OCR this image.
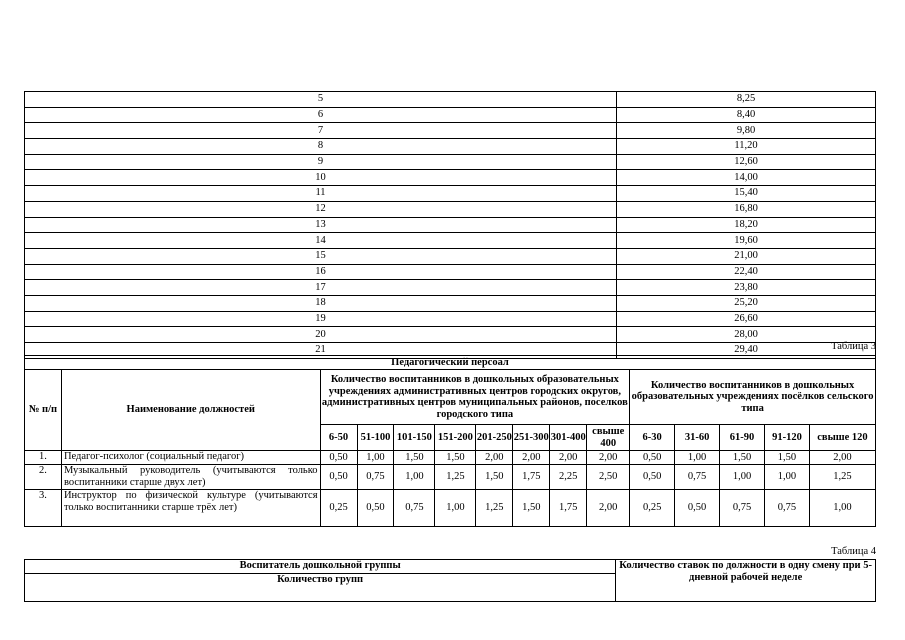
5	8,25
6	8,40
7	9,80
8	11,20
9	12,60
10	14,00
11	15,40
12	16,80
13	18,20
14	19,60
15	21,00
16	22,40
17	23,80
18	25,20
19	26,60
20	28,00
21	29,40	Таблица 3
Педагогический персоал														
№ п/п	Наименование должностей	Количество воспитанников в дошкольных образовательных учреждениях административных центров городских округов, административных центров муниципальных районов, поселков городского типа								Количество воспитанников в дошкольных образовательных учреждениях посёлков сельского типа				
		6-50	51-100	101-150	151-200	201-250	251-300	301-400	свыше 400	6-30	31-60	61-90	91-120	свыше 120
1.	Педагог-психолог (социальный педагог)	0,50	1,00	1,50	1,50	2,00	2,00	2,00	2,00	0,50	1,00	1,50	1,50	2,00
2.	Музыкальный руководитель (учитываются только воспитанники старше двух лет)	0,50	0,75	1,00	1,25	1,50	1,75	2,25	2,50	0,50	0,75	1,00	1,00	1,25
3.	Инструктор по физической культуре (учитываются только воспитанники старше трёх лет)	0,25	0,50	0,75	1,00	1,25	1,50	1,75	2,00	0,25	0,50	0,75	0,75	1,00
Таблица 4
Воспитатель дошкольной группы	Количество ставок по должности в одну смену при 5-дневной рабочей неделе
Количество групп
